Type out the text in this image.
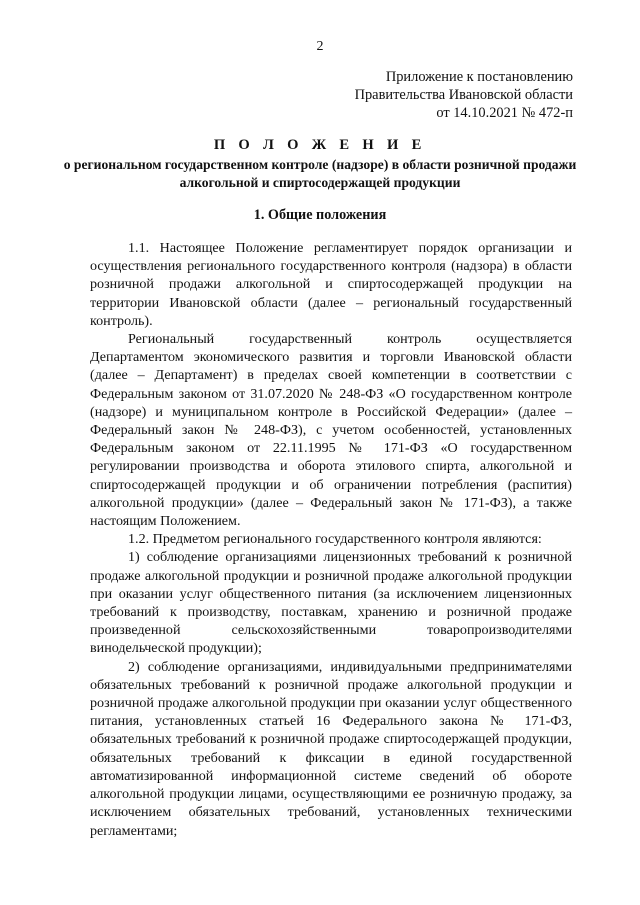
2
Приложение к постановлению
Правительства Ивановской области
от 14.10.2021 № 472-п
П О Л О Ж Е Н И Е
о региональном государственном контроле (надзоре) в области розничной продажи алкогольной и спиртосодержащей продукции
1. Общие положения

1.1. Настоящее Положение регламентирует порядок организации и осуществления регионального государственного контроля (надзора) в области розничной продажи алкогольной и спиртосодержащей продукции на территории Ивановской области (далее – региональный государственный контроль).

Региональный государственный контроль осуществляется Департаментом экономического развития и торговли Ивановской области (далее – Департамент) в пределах своей компетенции в соответствии с Федеральным законом от 31.07.2020 № 248-ФЗ «О государственном контроле (надзоре) и муниципальном контроле в Российской Федерации» (далее – Федеральный закон № 248-ФЗ), с учетом особенностей, установленных Федеральным законом от 22.11.1995 № 171-ФЗ «О государственном регулировании производства и оборота этилового спирта, алкогольной и спиртосодержащей продукции и об ограничении потребления (распития) алкогольной продукции» (далее – Федеральный закон № 171-ФЗ), а также настоящим Положением.

1.2. Предметом регионального государственного контроля являются:

1) соблюдение организациями лицензионных требований к розничной продаже алкогольной продукции и розничной продаже алкогольной продукции при оказании услуг общественного питания (за исключением лицензионных требований к производству, поставкам, хранению и розничной продаже произведенной сельскохозяйственными товаропроизводителями винодельческой продукции);

2) соблюдение организациями, индивидуальными предпринимателями обязательных требований к розничной продаже алкогольной продукции и розничной продаже алкогольной продукции при оказании услуг общественного питания, установленных статьей 16 Федерального закона № 171-ФЗ, обязательных требований к розничной продаже спиртосодержащей продукции, обязательных требований к фиксации в единой государственной автоматизированной информационной системе сведений об обороте алкогольной продукции лицами, осуществляющими ее розничную продажу, за исключением обязательных требований, установленных техническими регламентами;
